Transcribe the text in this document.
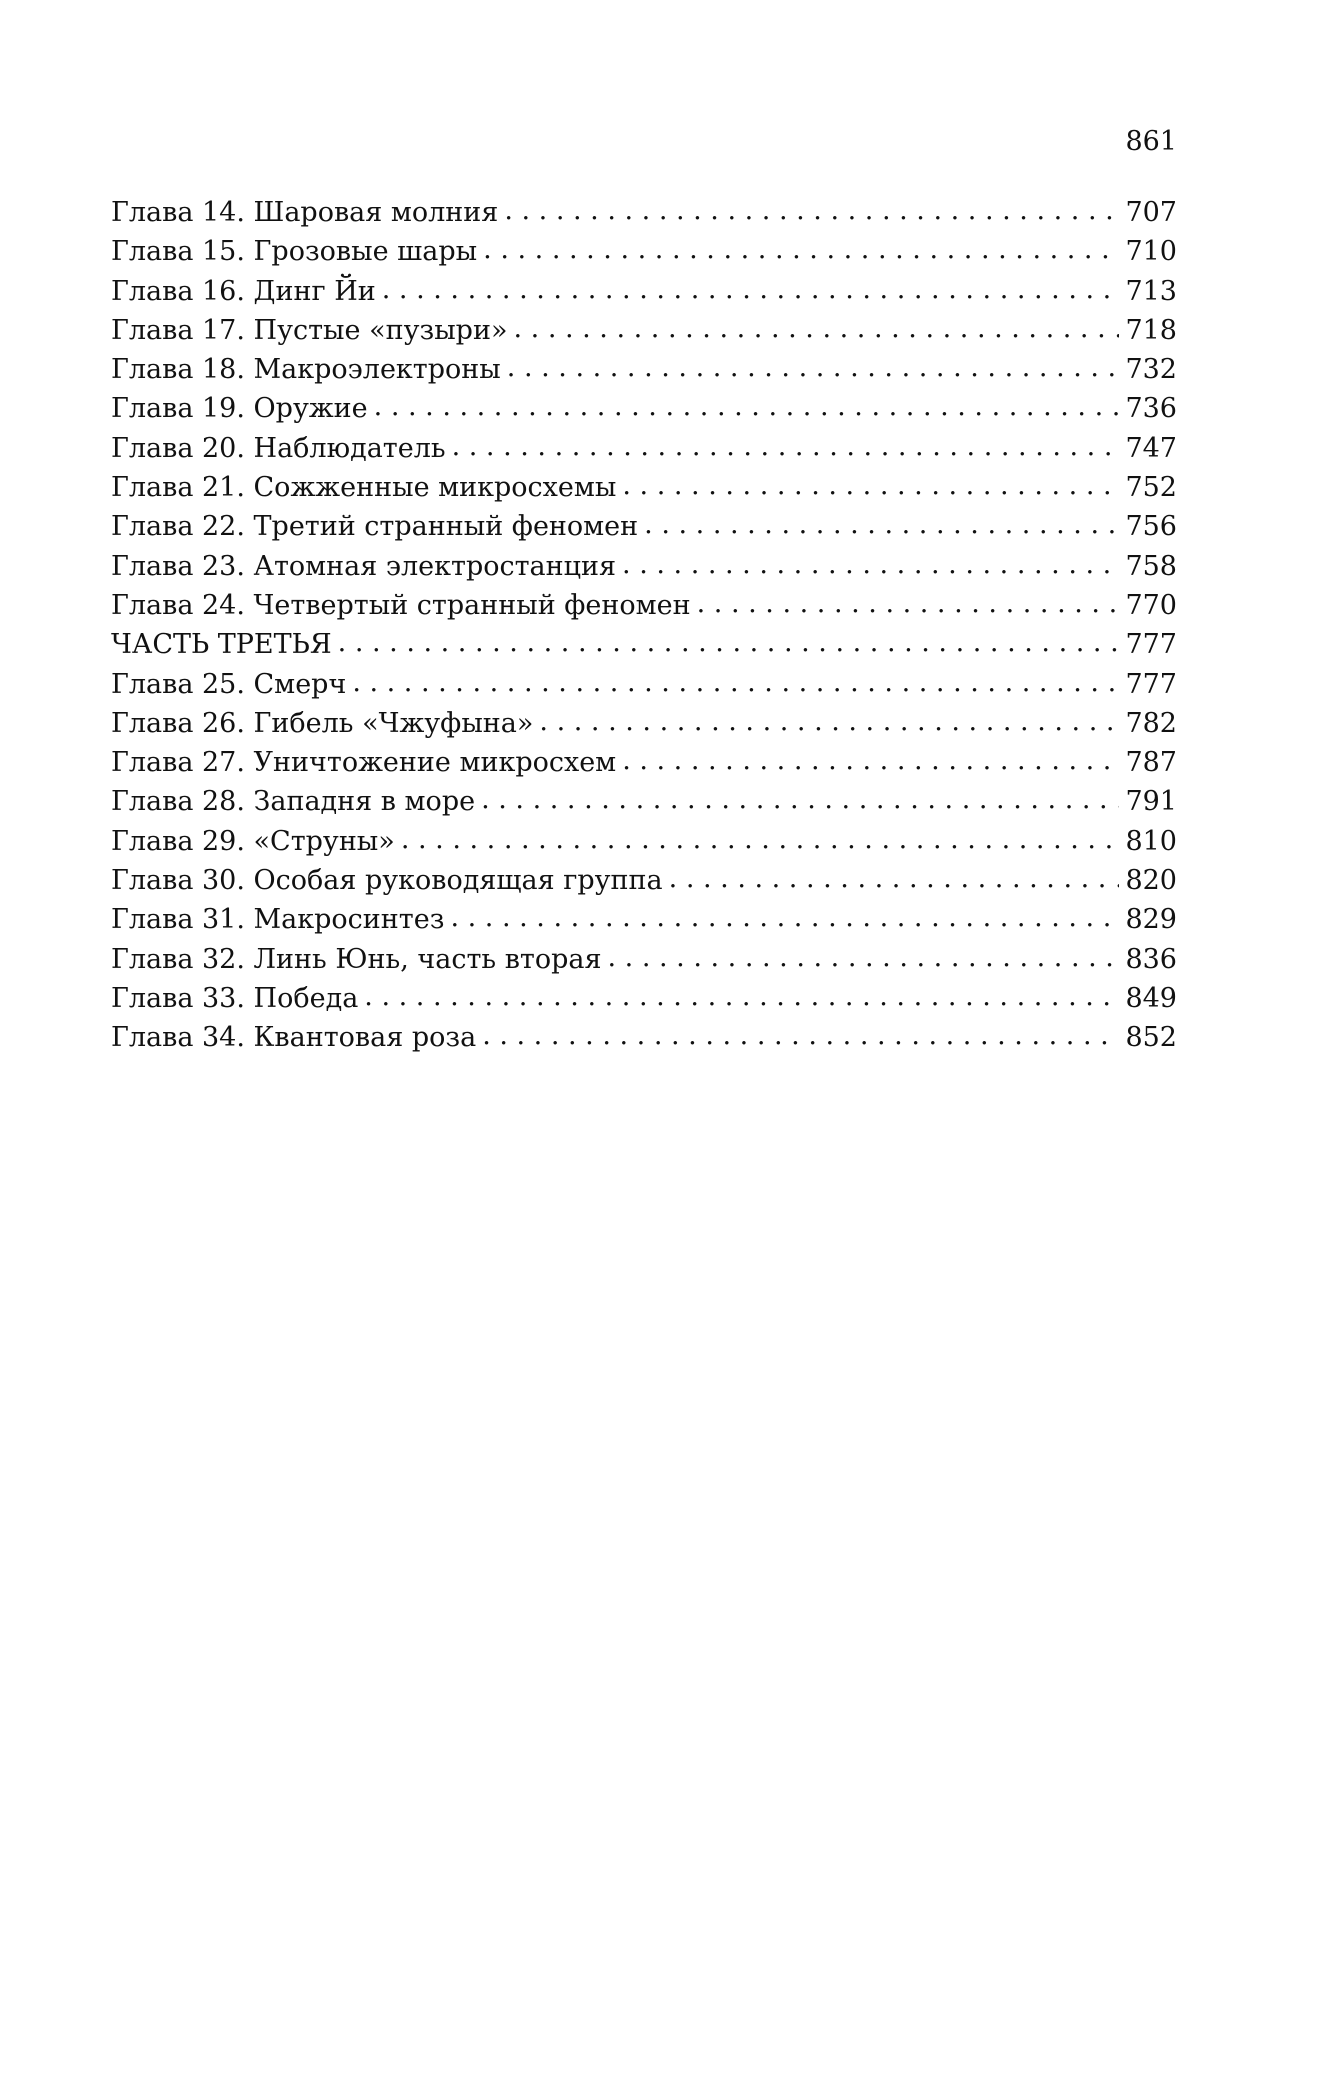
861
Глава 14. Шаровая молния . . .	707
Глава 15. Грозовые шары . . .	710
Глава 16. Динг Йи . . .	713
Глава 17. Пустые «пузыри» . . .	718
Глава 18. Макроэлектроны . . .	732
Глава 19. Оружие . . .	736
Глава 20. Наблюдатель . . .	747
Глава 21. Сожженные микросхемы . . .	752
Глава 22. Третий странный феномен . . .	756
Глава 23. Атомная электростанция . . .	758
Глава 24. Четвертый странный феномен . . .	770
ЧАСТЬ ТРЕТЬЯ . . .	777
Глава 25. Смерч . . .	777
Глава 26. Гибель «Чжуфына» . . .	782
Глава 27. Уничтожение микросхем . . .	787
Глава 28. Западня в море . . .	791
Глава 29. «Струны» . . .	810
Глава 30. Особая руководящая группа . . .	820
Глава 31. Макросинтез . . .	829
Глава 32. Линь Юнь, часть вторая . . .	836
Глава 33. Победа . . .	849
Глава 34. Квантовая роза . . .	852
